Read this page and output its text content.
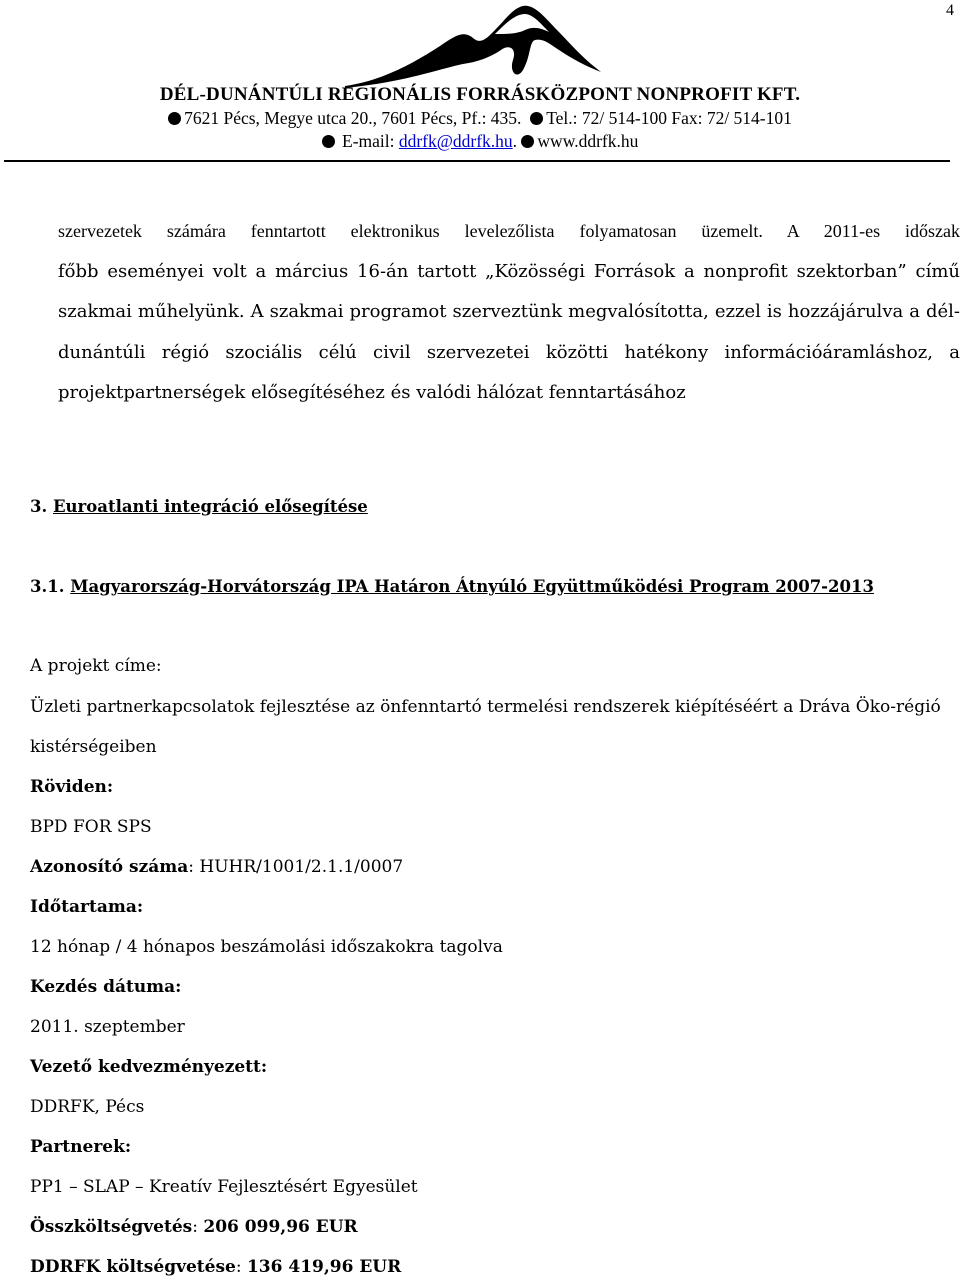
4
DÉL-DUNÁNTÚLI REGIONÁLIS FORRÁSKÖZPONT NONPROFIT KFT.
7621 Pécs, Megye utca 20., 7601 Pécs, Pf.: 435. Tel.: 72/ 514-100 Fax: 72/ 514-101
E-mail: ddrfk@ddrfk.hu. www.ddrfk.hu
szervezetek számára fenntartott elektronikus levelezőlista folyamatosan üzemelt. A 2011-es időszak
főbb eseményei volt a március 16-án tartott „Közösségi Források a nonprofit szektorban” című
szakmai műhelyünk. A szakmai programot szerveztünk megvalósította, ezzel is hozzájárulva a dél-
dunántúli régió szociális célú civil szervezetei közötti hatékony információáramláshoz, a
projektpartnerségek elősegítéséhez és valódi hálózat fenntartásához
3. Euroatlanti integráció elősegítése
3.1. Magyarország-Horvátország IPA Határon Átnyúló Együttműködési Program 2007-2013
A projekt címe:
Üzleti partnerkapcsolatok fejlesztése az önfenntartó termelési rendszerek kiépítéséért a Dráva Öko-régió
kistérségeiben
Röviden:
BPD FOR SPS
Azonosító száma: HUHR/1001/2.1.1/0007
Időtartama:
12 hónap / 4 hónapos beszámolási időszakokra tagolva
Kezdés dátuma:
2011. szeptember
Vezető kedvezményezett:
DDRFK, Pécs
Partnerek:
PP1 – SLAP – Kreatív Fejlesztésért Egyesület
Összköltségvetés: 206 099,96 EUR
DDRFK költségvetése: 136 419,96 EUR
